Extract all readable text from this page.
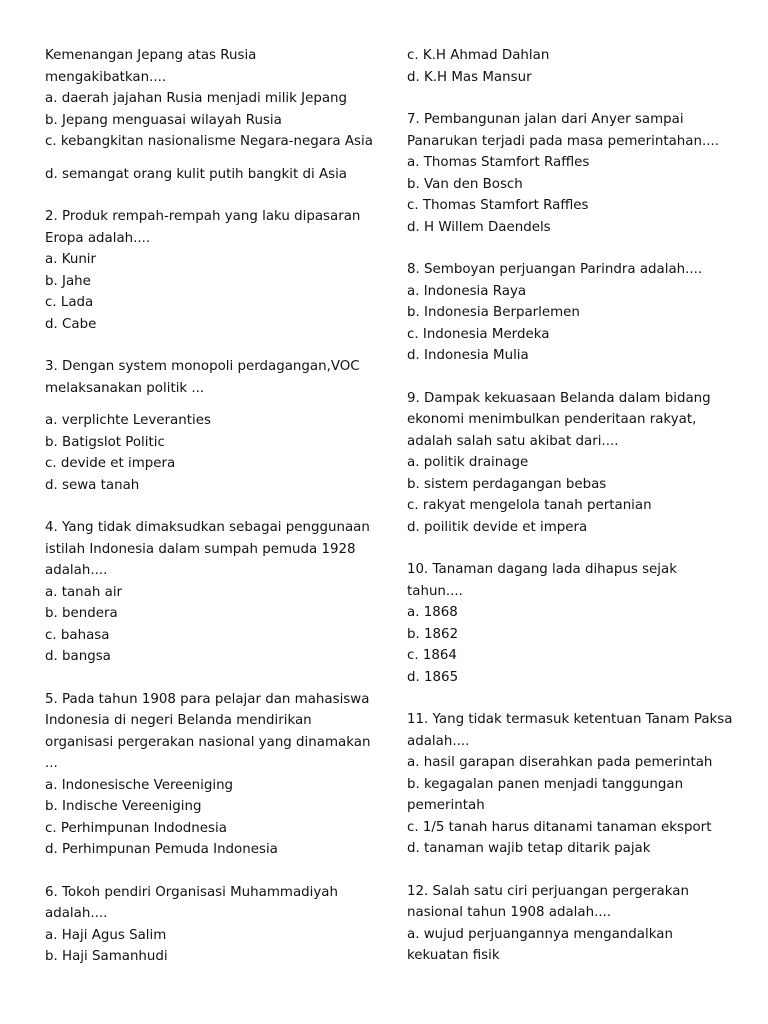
Kemenangan Jepang atas Rusia
mengakibatkan....
a. daerah jajahan Rusia menjadi milik Jepang
b. Jepang menguasai wilayah Rusia
c. kebangkitan nasionalisme Negara-negara Asia
d. semangat orang kulit putih bangkit di Asia
2. Produk rempah-rempah yang laku dipasaran
Eropa adalah....
a. Kunir
b. Jahe
c. Lada
d. Cabe
3. Dengan system monopoli perdagangan,VOC
melaksanakan politik ...
a. verplichte Leveranties
b. Batigslot Politic
c. devide et impera
d. sewa tanah
4. Yang tidak dimaksudkan sebagai penggunaan
istilah Indonesia dalam sumpah pemuda 1928
adalah....
a. tanah air
b. bendera
c. bahasa
d. bangsa
5. Pada tahun 1908 para pelajar dan mahasiswa
Indonesia di negeri Belanda mendirikan
organisasi pergerakan nasional yang dinamakan
...
a. Indonesische Vereeniging
b. Indische Vereeniging
c. Perhimpunan Indodnesia
d. Perhimpunan Pemuda Indonesia
6. Tokoh pendiri Organisasi Muhammadiyah
adalah....
a. Haji Agus Salim
b. Haji Samanhudi
c. K.H Ahmad Dahlan
d. K.H Mas Mansur
7. Pembangunan jalan dari Anyer sampai
Panarukan terjadi pada masa pemerintahan....
a. Thomas Stamfort Raffles
b. Van den Bosch
c. Thomas Stamfort Raffles
d. H Willem Daendels
8. Semboyan perjuangan Parindra adalah....
a. Indonesia Raya
b. Indonesia Berparlemen
c. Indonesia Merdeka
d. Indonesia Mulia
9. Dampak kekuasaan Belanda dalam bidang
ekonomi menimbulkan penderitaan rakyat,
adalah salah satu akibat dari....
a. politik drainage
b. sistem perdagangan bebas
c. rakyat mengelola tanah pertanian
d. poilitik devide et impera
10. Tanaman dagang lada dihapus sejak
tahun....
a. 1868
b. 1862
c. 1864
d. 1865
11. Yang tidak termasuk ketentuan Tanam Paksa
adalah....
a. hasil garapan diserahkan pada pemerintah
b. kegagalan panen menjadi tanggungan
pemerintah
c. 1/5 tanah harus ditanami tanaman eksport
d. tanaman wajib tetap ditarik pajak
12. Salah satu ciri perjuangan pergerakan
nasional tahun 1908 adalah....
a. wujud perjuangannya mengandalkan
kekuatan fisik
